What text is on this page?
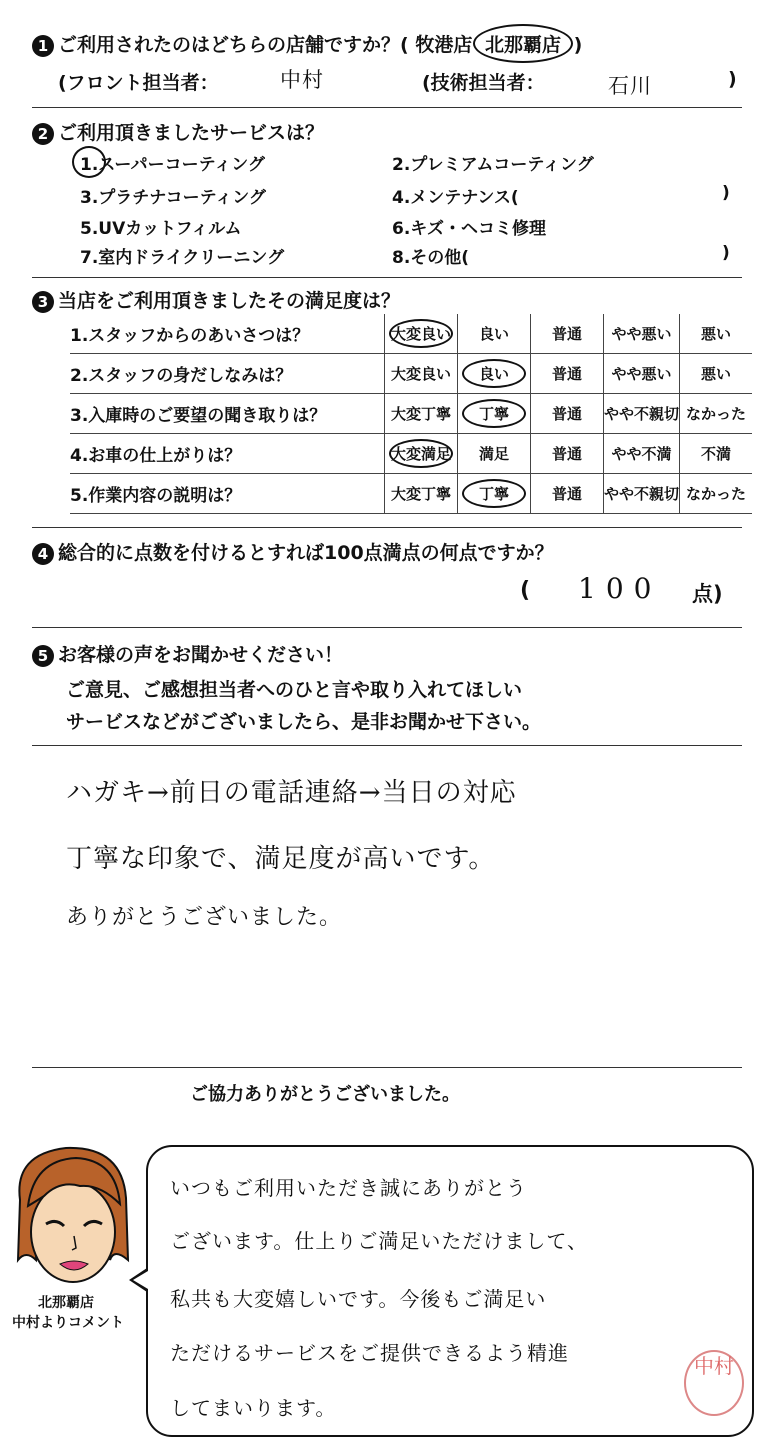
1 ご利用されたのはどちらの店舗ですか？( 牧港店 北那覇店 )
(フロント担当者：	中村	(技術担当者：	石川	)
2 ご利用頂きましたサービスは？
1.スーパーコーティング	2.プレミアムコーティング
3.プラチナコーティング	4.メンテナンス(	)
5.UVカットフィルム	6.キズ・ヘコミ修理
7.室内ドライクリーニング	8.その他(	)
3 当店をご利用頂きましたその満足度は？
1.スタッフからのあいさつは？	大変良い	良い	普通	やや悪い	悪い
2.スタッフの身だしなみは？	大変良い	良い	普通	やや悪い	悪い
3.入庫時のご要望の聞き取りは？	大変丁寧	丁寧	普通	やや不親切	なかった
4.お車の仕上がりは？	大変満足	満足	普通	やや不満	不満
5.作業内容の説明は？	大変丁寧	丁寧	普通	やや不親切	なかった
4 総合的に点数を付けるとすれば100点満点の何点ですか？
( 100 点)
5 お客様の声をお聞かせください！
ご意見、ご感想担当者へのひと言や取り入れてほしい
サービスなどがございましたら、是非お聞かせ下さい。
ハガキ→前日の電話連絡→当日の対応
丁寧な印象で、満足度が高いです。
ありがとうございました。
ご協力ありがとうございました。
北那覇店
中村よりコメント
いつもご利用いただき誠にありがとう
ございます。仕上りご満足いただけまして、
私共も大変嬉しいです。今後もご満足い
ただけるサービスをご提供できるよう精進
してまいります。
中村
